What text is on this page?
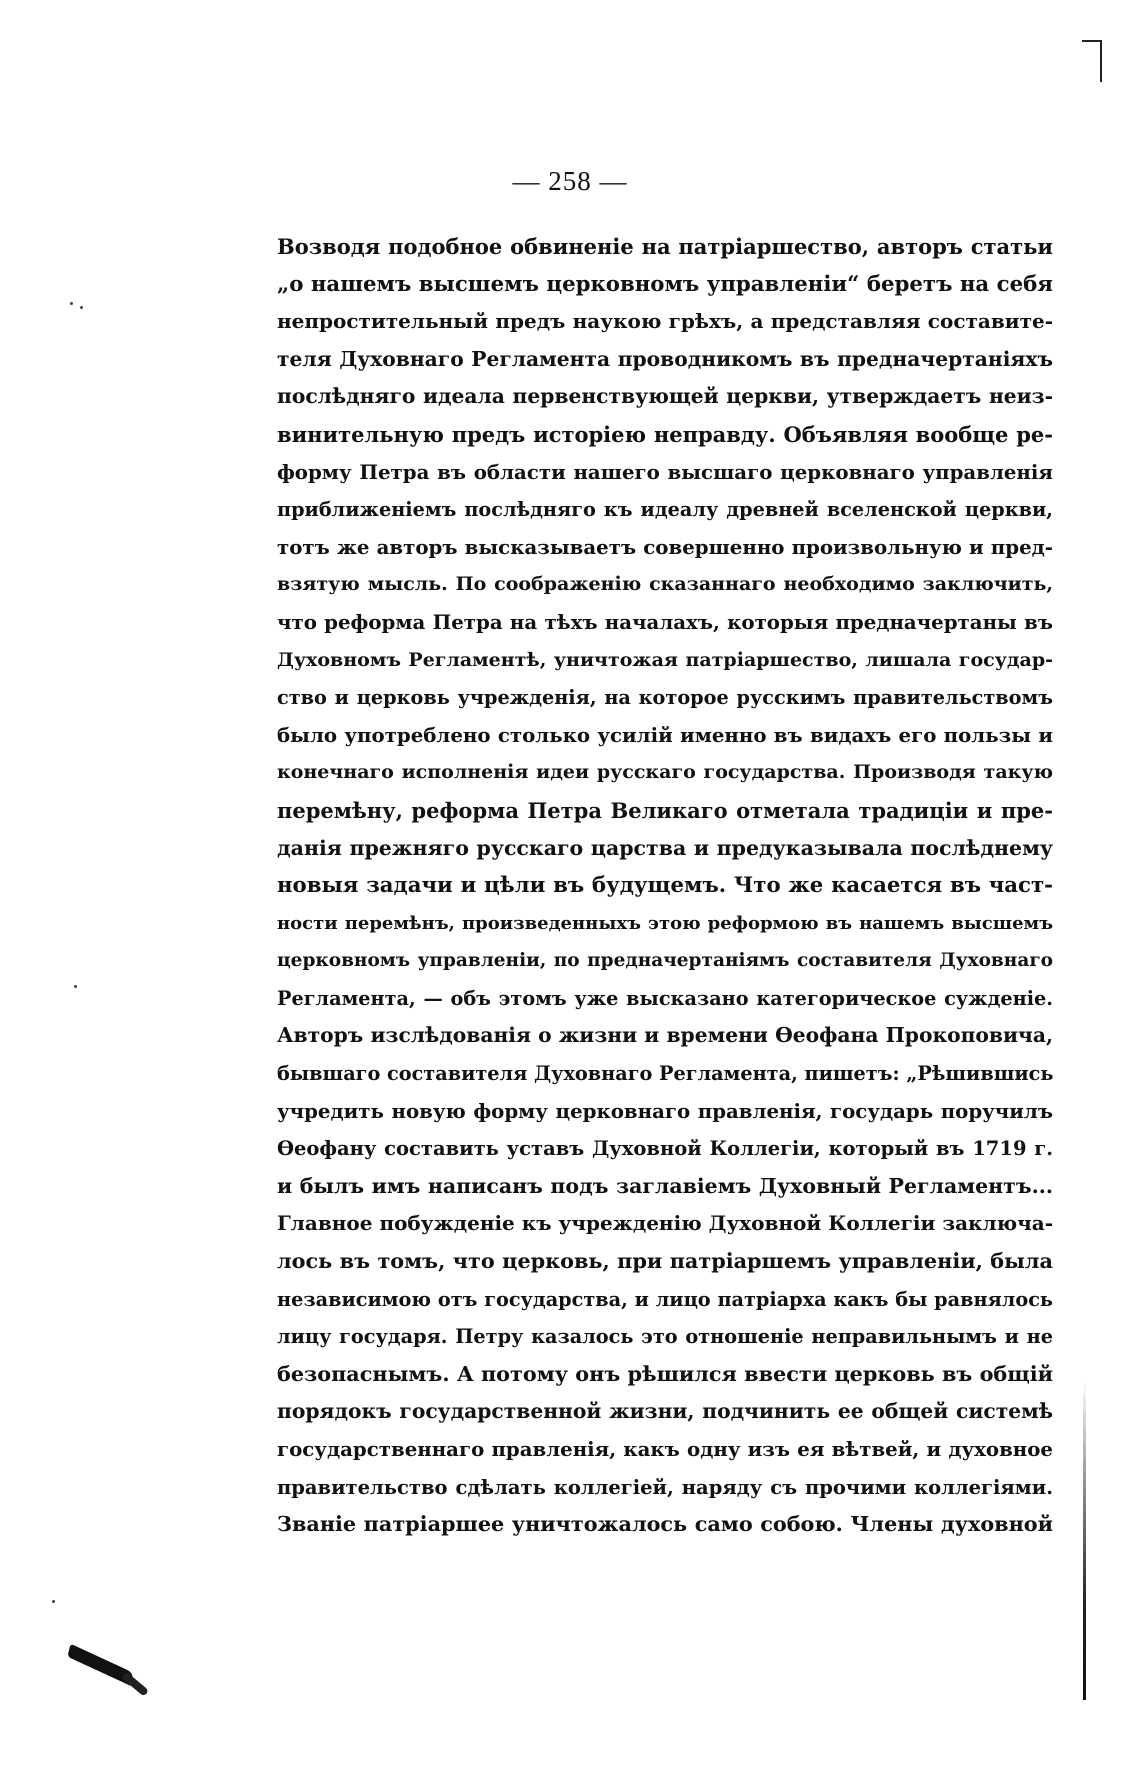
— 258 —
Возводя подобное обвиненіе на патріаршество, авторъ статьи
„о нашемъ высшемъ церковномъ управленіи“ беретъ на себя
непростительный предъ наукою грѣхъ, а представляя составите-
теля Духовнаго Регламента проводникомъ въ предначертаніяхъ
послѣдняго идеала первенствующей церкви, утверждаетъ неиз-
винительную предъ исторіею неправду. Объявляя вообще ре-
форму Петра въ области нашего высшаго церковнаго управленія
приближеніемъ послѣдняго къ идеалу древней вселенской церкви,
тотъ же авторъ высказываетъ совершенно произвольную и пред-
взятую мысль. По соображенію сказаннаго необходимо заключить,
что реформа Петра на тѣхъ началахъ, которыя предначертаны въ
Духовномъ Регламентѣ, уничтожая патріаршество, лишала государ-
ство и церковь учрежденія, на которое русскимъ правительствомъ
было употреблено столько усилій именно въ видахъ его пользы и
конечнаго исполненія идеи русскаго государства. Производя такую
перемѣну, реформа Петра Великаго отметала традиціи и пре-
данія прежняго русскаго царства и предуказывала послѣднему
новыя задачи и цѣли въ будущемъ. Что же касается въ част-
ности перемѣнъ, произведенныхъ этою реформою въ нашемъ высшемъ
церковномъ управленіи, по предначертаніямъ составителя Духовнаго
Регламента, — объ этомъ уже высказано категорическое сужденіе.
Авторъ изслѣдованія о жизни и времени Ѳеофана Прокоповича,
бывшаго составителя Духовнаго Регламента, пишетъ: „Рѣшившись
учредить новую форму церковнаго правленія, государь поручилъ
Ѳеофану составить уставъ Духовной Коллегіи, который въ 1719 г.
и былъ имъ написанъ подъ заглавіемъ Духовный Регламентъ...
Главное побужденіе къ учрежденію Духовной Коллегіи заключа-
лось въ томъ, что церковь, при патріаршемъ управленіи, была
независимою отъ государства, и лицо патріарха какъ бы равнялось
лицу государя. Петру казалось это отношеніе неправильнымъ и не
безопаснымъ. А потому онъ рѣшился ввести церковь въ общій
порядокъ государственной жизни, подчинить ее общей системѣ
государственнаго правленія, какъ одну изъ ея вѣтвей, и духовное
правительство сдѣлать коллегіей, наряду съ прочими коллегіями.
Званіе патріаршее уничтожалось само собою. Члены духовной
